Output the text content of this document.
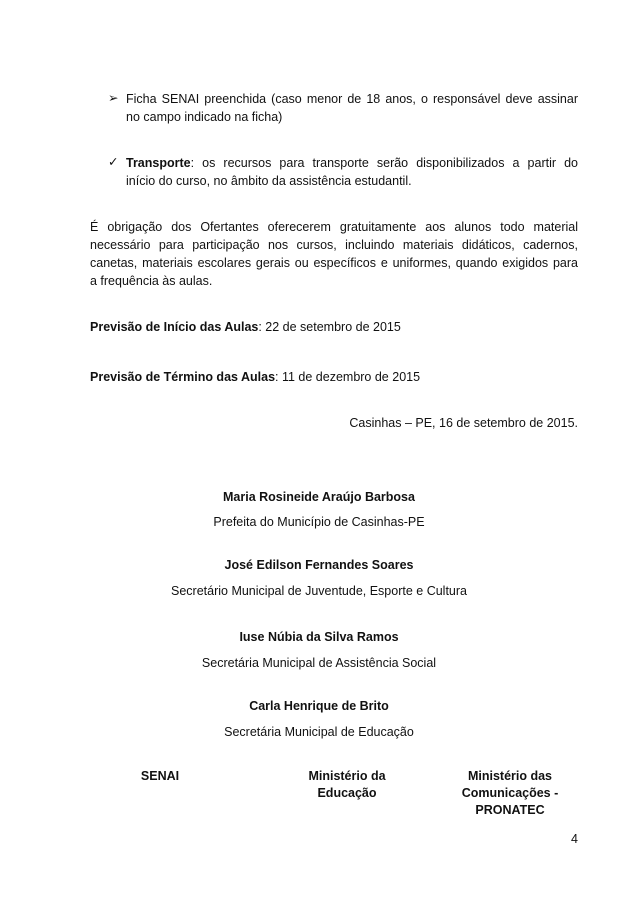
➢ Ficha SENAI preenchida (caso menor de 18 anos, o responsável deve assinar
no campo indicado na ficha)
✓ Transporte: os recursos para transporte serão disponibilizados a partir do
início do curso, no âmbito da assistência estudantil.
É obrigação dos Ofertantes oferecerem gratuitamente aos alunos todo material
necessário para participação nos cursos, incluindo materiais didáticos, cadernos,
canetas, materiais escolares gerais ou específicos e uniformes, quando exigidos para
a frequência às aulas.
Previsão de Início das Aulas: 22 de setembro de 2015
Previsão de Término das Aulas: 11 de dezembro de 2015
Casinhas – PE, 16 de setembro de 2015.
Maria Rosineide Araújo Barbosa
Prefeita do Município de Casinhas-PE
José Edilson Fernandes Soares
Secretário Municipal de Juventude, Esporte e Cultura
Iuse Núbia da Silva Ramos
Secretária Municipal de Assistência Social
Carla Henrique de Brito
Secretária Municipal de Educação
SENAI	Ministério da
Educação
Ministério das
Comunicações -
PRONATEC
4
